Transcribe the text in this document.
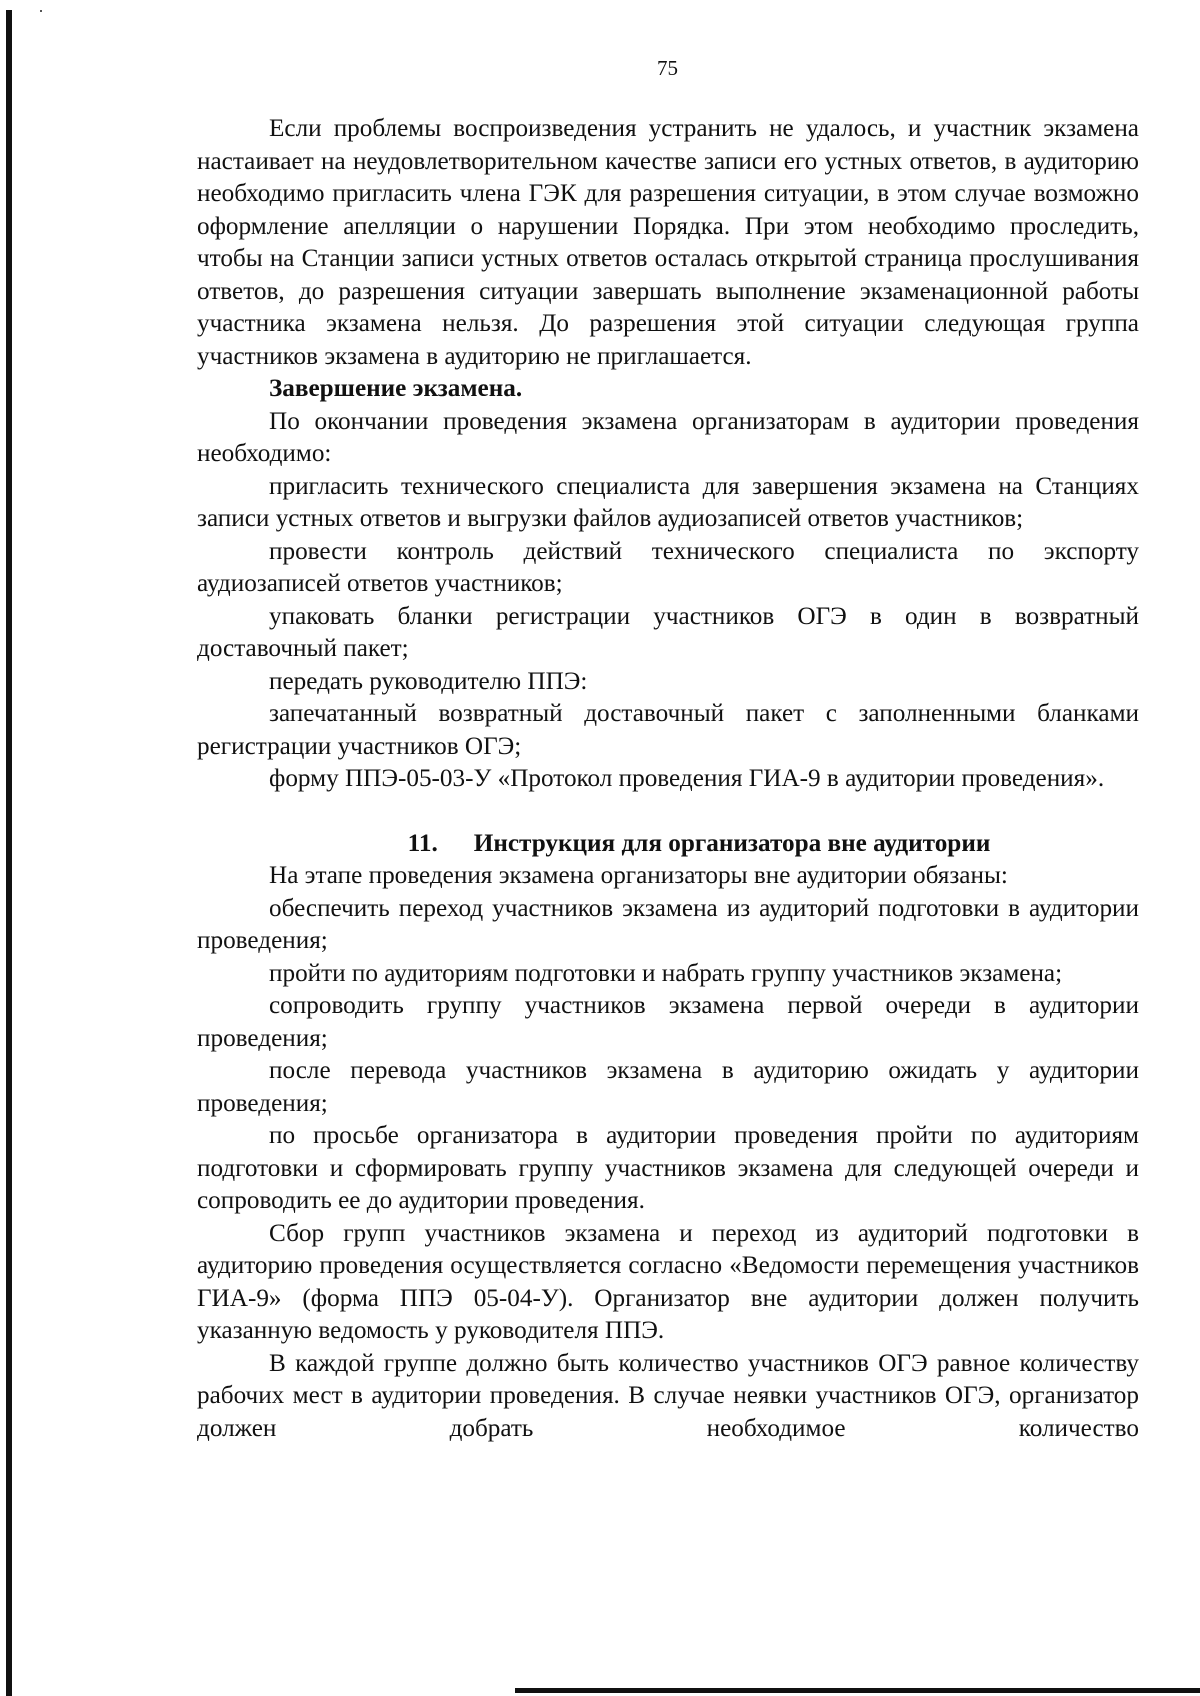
75

Если проблемы воспроизведения устранить не удалось, и участник экзамена настаивает на неудовлетворительном качестве записи его устных ответов, в аудиторию необходимо пригласить члена ГЭК для разрешения ситуации, в этом случае возможно оформление апелляции о нарушении Порядка. При этом необходимо проследить, чтобы на Станции записи устных ответов осталась открытой страница прослушивания ответов, до разрешения ситуации завершать выполнение экзаменационной работы участника экзамена нельзя. До разрешения этой ситуации следующая группа участников экзамена в аудиторию не приглашается.

Завершение экзамена.

По окончании проведения экзамена организаторам в аудитории проведения необходимо:

пригласить технического специалиста для завершения экзамена на Станциях записи устных ответов и выгрузки файлов аудиозаписей ответов участников;

провести контроль действий технического специалиста по экспорту аудиозаписей ответов участников;

упаковать бланки регистрации участников ОГЭ в один в возвратный доставочный пакет;

передать руководителю ППЭ:

запечатанный возвратный доставочный пакет с заполненными бланками регистрации участников ОГЭ;

форму ППЭ-05-03-У «Протокол проведения ГИА-9 в аудитории проведения».

11. Инструкция для организатора вне аудитории

На этапе проведения экзамена организаторы вне аудитории обязаны:

обеспечить переход участников экзамена из аудиторий подготовки в аудитории проведения;

пройти по аудиториям подготовки и набрать группу участников экзамена;

сопроводить группу участников экзамена первой очереди в аудитории проведения;

после перевода участников экзамена в аудиторию ожидать у аудитории проведения;

по просьбе организатора в аудитории проведения пройти по аудиториям подготовки и сформировать группу участников экзамена для следующей очереди и сопроводить ее до аудитории проведения.

Сбор групп участников экзамена и переход из аудиторий подготовки в аудиторию проведения осуществляется согласно «Ведомости перемещения участников ГИА-9» (форма ППЭ 05-04-У). Организатор вне аудитории должен получить указанную ведомость у руководителя ППЭ.

В каждой группе должно быть количество участников ОГЭ равное количеству рабочих мест в аудитории проведения. В случае неявки участников ОГЭ, организатор должен добрать необходимое количество
